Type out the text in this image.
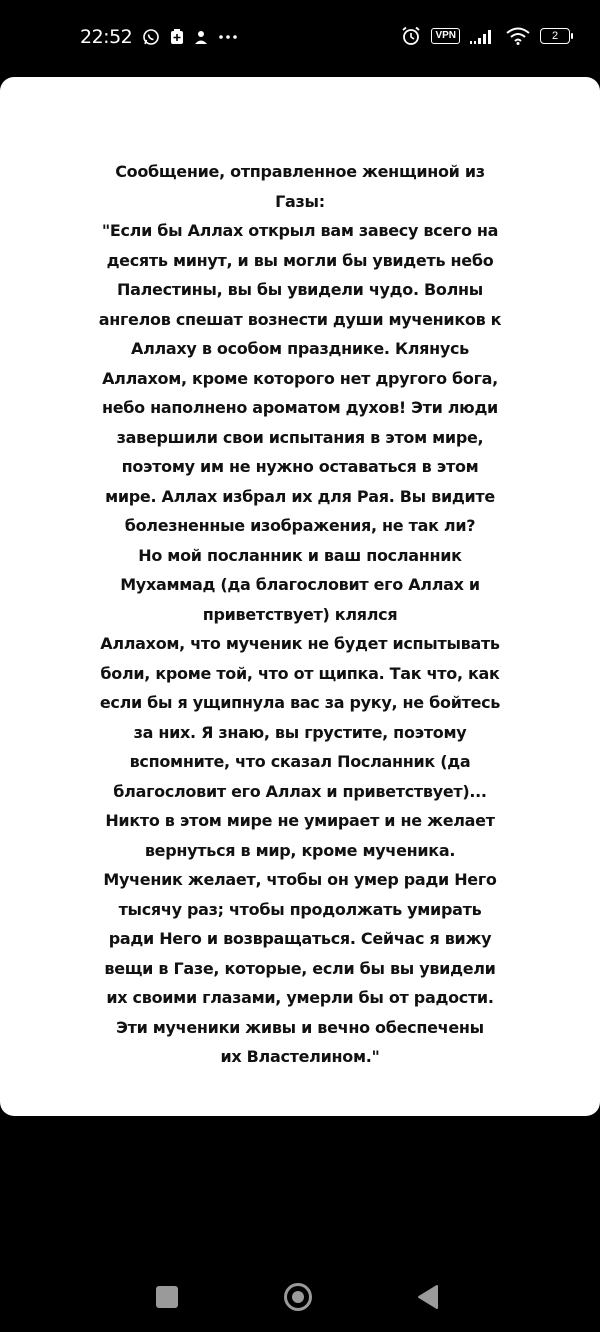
22:52	VPN	2
Сообщение, отправленное женщиной из
Газы:
"Если бы Аллах открыл вам завесу всего на
десять минут, и вы могли бы увидеть небо
Палестины, вы бы увидели чудо. Волны
ангелов спешат вознести души мучеников к
Аллаху в особом празднике. Клянусь
Аллахом, кроме которого нет другого бога,
небо наполнено ароматом духов! Эти люди
завершили свои испытания в этом мире,
поэтому им не нужно оставаться в этом
мире. Аллах избрал их для Рая. Вы видите
болезненные изображения, не так ли?
Но мой посланник и ваш посланник
Мухаммад (да благословит его Аллах и
приветствует) клялся
Аллахом, что мученик не будет испытывать
боли, кроме той, что от щипка. Так что, как
если бы я ущипнула вас за руку, не бойтесь
за них. Я знаю, вы грустите, поэтому
вспомните, что сказал Посланник (да
благословит его Аллах и приветствует)...
Никто в этом мире не умирает и не желает
вернуться в мир, кроме мученика.
Мученик желает, чтобы он умер ради Него
тысячу раз; чтобы продолжать умирать
ради Него и возвращаться. Сейчас я вижу
вещи в Газе, которые, если бы вы увидели
их своими глазами, умерли бы от радости.
Эти мученики живы и вечно обеспечены
их Властелином."
